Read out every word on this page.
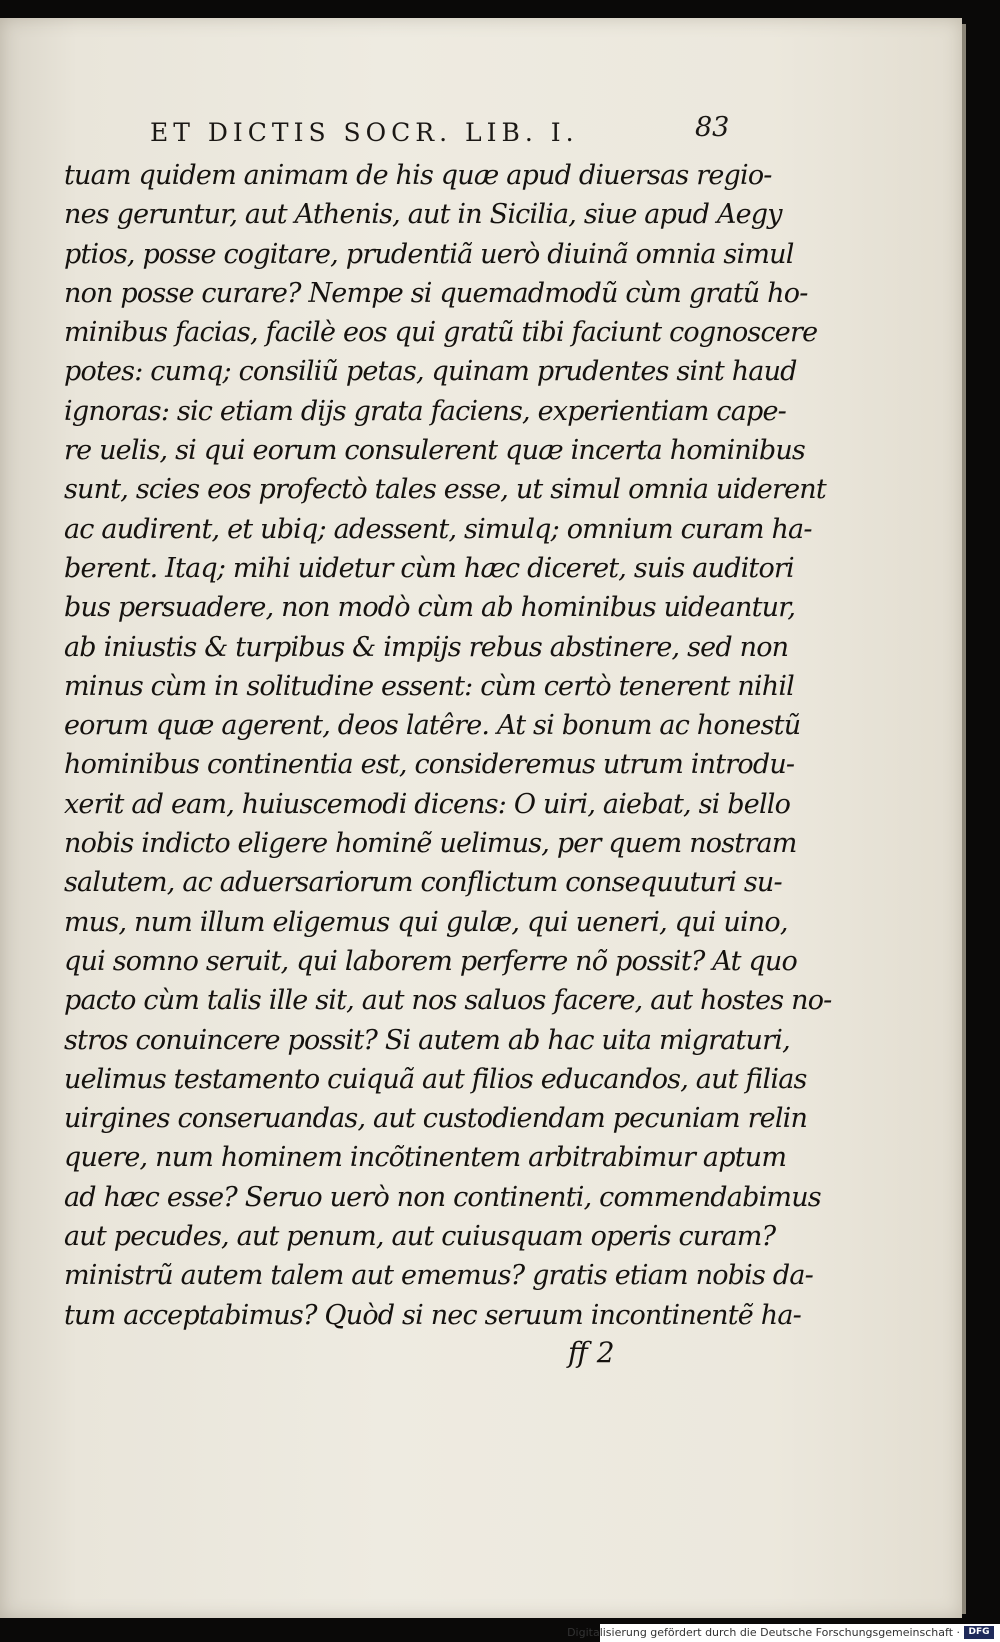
ET DICTIS SOCR. LIB. I.	83
tuam quidem animam de his quæ apud diuersas regio-
nes geruntur, aut Athenis, aut in Sicilia, siue apud Aegy
ptios, posse cogitare, prudentiã uerò diuinã omnia simul
non posse curare? Nempe si quemadmodũ cùm gratũ ho-
minibus facias, facilè eos qui gratũ tibi faciunt cognoscere
potes: cumq; consiliũ petas, quinam prudentes sint haud
ignoras: sic etiam dijs grata faciens, experientiam cape-
re uelis, si qui eorum consulerent quæ incerta hominibus
sunt, scies eos profectò tales esse, ut simul omnia uiderent
ac audirent, et ubiq; adessent, simulq; omnium curam ha-
berent. Itaq; mihi uidetur cùm hæc diceret, suis auditori
bus persuadere, non modò cùm ab hominibus uideantur,
ab iniustis & turpibus & impijs rebus abstinere, sed non
minus cùm in solitudine essent: cùm certò tenerent nihil
eorum quæ agerent, deos latêre. At si bonum ac honestũ
hominibus continentia est, consideremus utrum introdu-
xerit ad eam, huiuscemodi dicens: O uiri, aiebat, si bello
nobis indicto eligere hominẽ uelimus, per quem nostram
salutem, ac aduersariorum conflictum consequuturi su-
mus, num illum eligemus qui gulæ, qui ueneri, qui uino,
qui somno seruit, qui laborem perferre nõ possit? At quo
pacto cùm talis ille sit, aut nos saluos facere, aut hostes no-
stros conuincere possit? Si autem ab hac uita migraturi,
uelimus testamento cuiquã aut filios educandos, aut filias
uirgines conseruandas, aut custodiendam pecuniam relin
quere, num hominem incõtinentem arbitrabimur aptum
ad hæc esse? Seruo uerò non continenti, commendabimus
aut pecudes, aut penum, aut cuiusquam operis curam?
ministrũ autem talem aut ememus? gratis etiam nobis da-
tum acceptabimus? Quòd si nec seruum incontinentẽ ha-
ff 2
Digitalisierung gefördert durch die Deutsche Forschungsgemeinschaft · DFG
